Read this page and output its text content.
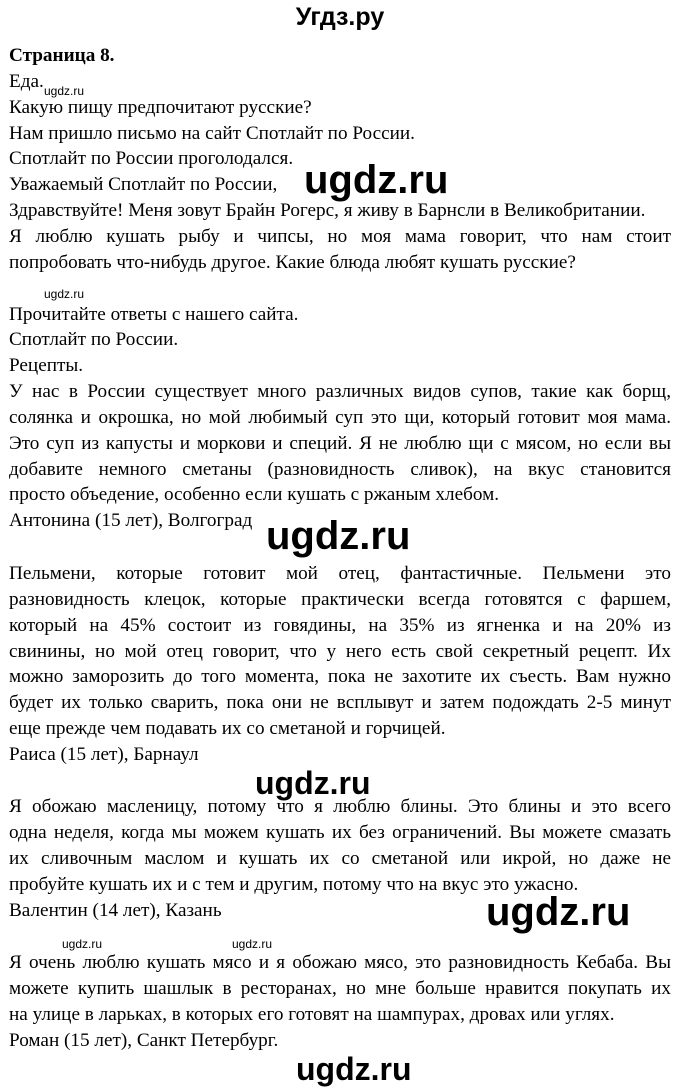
Угдз.ру
Страница 8.
Еда.
Какую пищу предпочитают русские?
Нам пришло письмо на сайт Спотлайт по России.
Спотлайт по России проголодался.
Уважаемый Спотлайт по России,
Здравствуйте! Меня зовут Брайн Рогерс, я живу в Барнсли в Великобритании.
Я люблю кушать рыбу и чипсы, но моя мама говорит, что нам стоит
попробовать что-нибудь другое. Какие блюда любят кушать русские?
Прочитайте ответы с нашего сайта.
Спотлайт по России.
Рецепты.
У нас в России существует много различных видов супов, такие как борщ,
солянка и окрошка, но мой любимый суп это щи, который готовит моя мама.
Это суп из капусты и моркови и специй. Я не люблю щи с мясом, но если вы
добавите немного сметаны (разновидность сливок), на вкус становится
просто объедение, особенно если кушать с ржаным хлебом.
Антонина (15 лет), Волгоград
Пельмени, которые готовит мой отец, фантастичные. Пельмени это
разновидность клецок, которые практически всегда готовятся с фаршем,
который на 45% состоит из говядины, на 35% из ягненка и на 20% из
свинины, но мой отец говорит, что у него есть свой секретный рецепт. Их
можно заморозить до того момента, пока не захотите их съесть. Вам нужно
будет их только сварить, пока они не всплывут и затем подождать 2-5 минут
еще прежде чем подавать их со сметаной и горчицей.
Раиса (15 лет), Барнаул
Я обожаю масленицу, потому что я люблю блины. Это блины и это всего
одна неделя, когда мы можем кушать их без ограничений. Вы можете смазать
их сливочным маслом и кушать их со сметаной или икрой, но даже не
пробуйте кушать их и с тем и другим, потому что на вкус это ужасно.
Валентин (14 лет), Казань
Я очень люблю кушать мясо и я обожаю мясо, это разновидность Кебаба. Вы
можете купить шашлык в ресторанах, но мне больше нравится покупать их
на улице в ларьках, в которых его готовят на шампурах, дровах или углях.
Роман (15 лет), Санкт Петербург.
ugdz.ru
ugdz.ru
ugdz.ru
ugdz.ru
ugdz.ru
ugdz.ru
ugdz.ru	ugdz.ru
ugdz.ru
